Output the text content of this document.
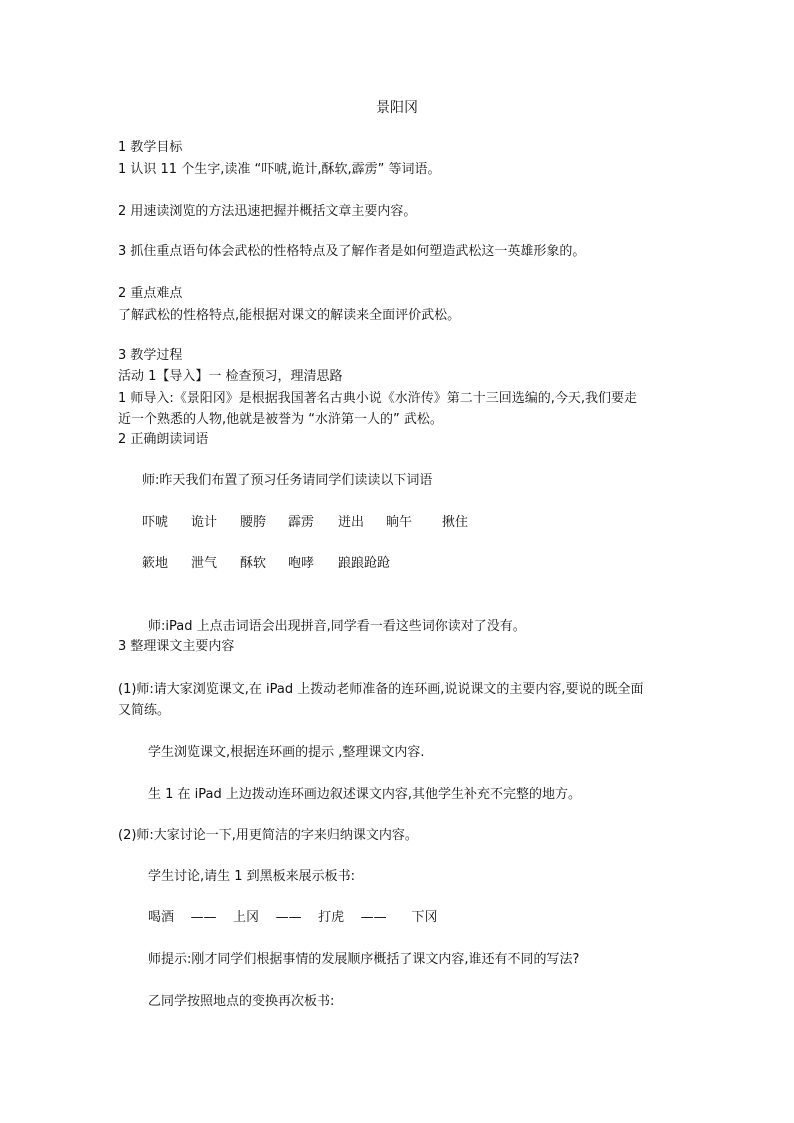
景阳冈
1 教学目标
1 认识 11 个生字,读准 “吓唬,诡计,酥软,霹雳” 等词语。
2 用速读浏览的方法迅速把握并概括文章主要内容。
3 抓住重点语句体会武松的性格特点及了解作者是如何塑造武松这一英雄形象的。
2 重点难点
了解武松的性格特点,能根据对课文的解读来全面评价武松。
3 教学过程
活动 1【导入】一 检查预习，理清思路
1 师导入:《景阳冈》是根据我国著名古典小说《水浒传》第二十三回选编的,今天,我们要走
近一个熟悉的人物,他就是被誉为 “水浒第一人的” 武松。
2 正确朗读词语
师:昨天我们布置了预习任务请同学们读读以下词语
吓唬 诡计 腰胯 霹雳 迸出 晌午 揪住
簌地 泄气 酥软 咆哮 踉踉跄跄
师:iPad 上点击词语会出现拼音,同学看一看这些词你读对了没有。
3 整理课文主要内容
(1)师:请大家浏览课文,在 iPad 上拨动老师准备的连环画,说说课文的主要内容,要说的既全面
又简练。
学生浏览课文,根据连环画的提示 ,整理课文内容.
生 1 在 iPad 上边拨动连环画边叙述课文内容,其他学生补充不完整的地方。
(2)师:大家讨论一下,用更简洁的字来归纳课文内容。
学生讨论,请生 1 到黑板来展示板书:
喝酒    ——    上冈    ——    打虎    ——      下冈
师提示:刚才同学们根据事情的发展顺序概括了课文内容,谁还有不同的写法?
乙同学按照地点的变换再次板书:
